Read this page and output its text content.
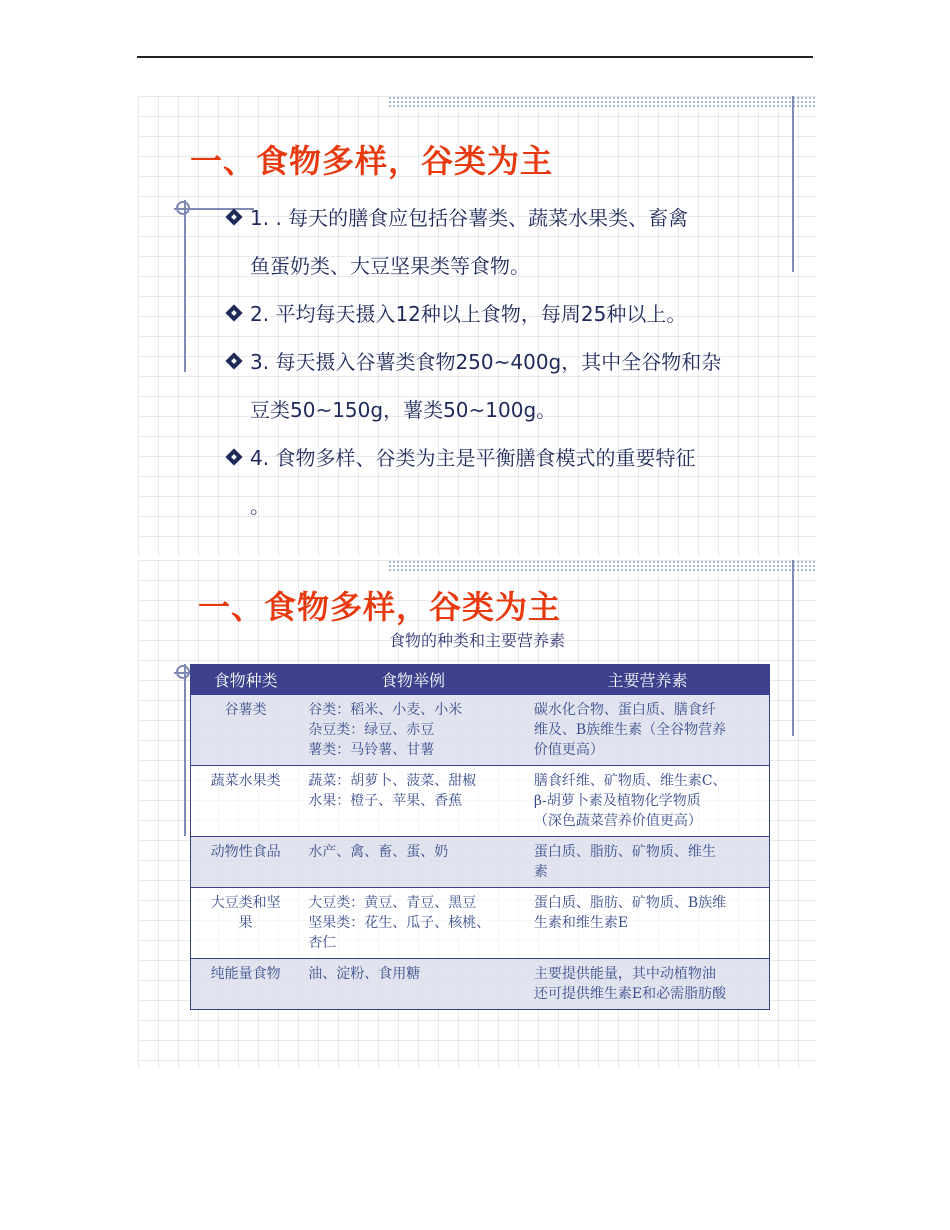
一、食物多样，谷类为主
1. . 每天的膳食应包括谷薯类、蔬菜水果类、畜禽
鱼蛋奶类、大豆坚果类等食物。
2. 平均每天摄入12种以上食物，每周25种以上。
3. 每天摄入谷薯类食物250~400g，其中全谷物和杂
豆类50~150g，薯类50~100g。
4. 食物多样、谷类为主是平衡膳食模式的重要特征
。
一、食物多样，谷类为主
食物的种类和主要营养素
食物种类	食物举例	主要营养素

谷薯类	谷类：稻米、小麦、小米
杂豆类：绿豆、赤豆
薯类：马铃薯、甘薯	碳水化合物、蛋白质、膳食纤
维及、B族维生素（全谷物营养
价值更高）

蔬菜水果类	蔬菜：胡萝卜、菠菜、甜椒
水果：橙子、苹果、香蕉	膳食纤维、矿物质、维生素C、
β-胡萝卜素及植物化学物质
（深色蔬菜营养价值更高）

动物性食品	水产、禽、畜、蛋、奶	蛋白质、脂肪、矿物质、维生
素

大豆类和坚
果	大豆类：黄豆、青豆、黑豆
坚果类：花生、瓜子、核桃、
杏仁	蛋白质、脂肪、矿物质、B族维
生素和维生素E

纯能量食物	油、淀粉、食用糖	主要提供能量，其中动植物油
还可提供维生素E和必需脂肪酸
